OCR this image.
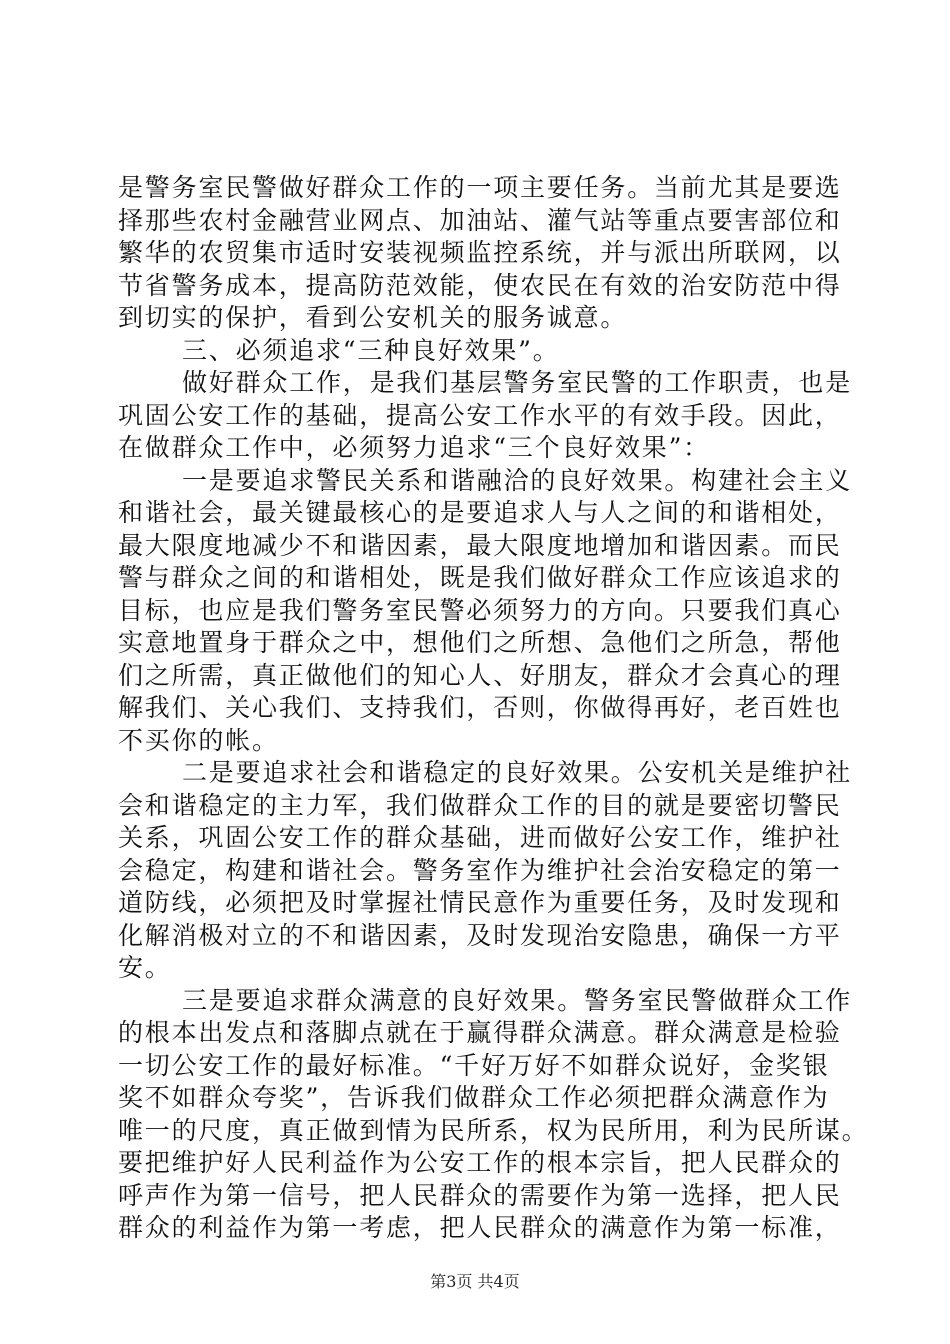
是警务室民警做好群众工作的一项主要任务。当前尤其是要选
择那些农村金融营业网点、加油站、灌气站等重点要害部位和
繁华的农贸集市适时安装视频监控系统，并与派出所联网，以
节省警务成本，提高防范效能，使农民在有效的治安防范中得
到切实的保护，看到公安机关的服务诚意。
三、必须追求“三种良好效果”。
做好群众工作，是我们基层警务室民警的工作职责，也是
巩固公安工作的基础，提高公安工作水平的有效手段。因此，
在做群众工作中，必须努力追求“三个良好效果”：
一是要追求警民关系和谐融洽的良好效果。构建社会主义
和谐社会，最关键最核心的是要追求人与人之间的和谐相处，
最大限度地减少不和谐因素，最大限度地增加和谐因素。而民
警与群众之间的和谐相处，既是我们做好群众工作应该追求的
目标，也应是我们警务室民警必须努力的方向。只要我们真心
实意地置身于群众之中，想他们之所想、急他们之所急，帮他
们之所需，真正做他们的知心人、好朋友，群众才会真心的理
解我们、关心我们、支持我们，否则，你做得再好，老百姓也
不买你的帐。
二是要追求社会和谐稳定的良好效果。公安机关是维护社
会和谐稳定的主力军，我们做群众工作的目的就是要密切警民
关系，巩固公安工作的群众基础，进而做好公安工作，维护社
会稳定，构建和谐社会。警务室作为维护社会治安稳定的第一
道防线，必须把及时掌握社情民意作为重要任务，及时发现和
化解消极对立的不和谐因素，及时发现治安隐患，确保一方平
安。
三是要追求群众满意的良好效果。警务室民警做群众工作
的根本出发点和落脚点就在于赢得群众满意。群众满意是检验
一切公安工作的最好标准。“千好万好不如群众说好，金奖银
奖不如群众夸奖”，告诉我们做群众工作必须把群众满意作为
唯一的尺度，真正做到情为民所系，权为民所用，利为民所谋。
要把维护好人民利益作为公安工作的根本宗旨，把人民群众的
呼声作为第一信号，把人民群众的需要作为第一选择，把人民
群众的利益作为第一考虑，把人民群众的满意作为第一标准，
第3页 共4页
